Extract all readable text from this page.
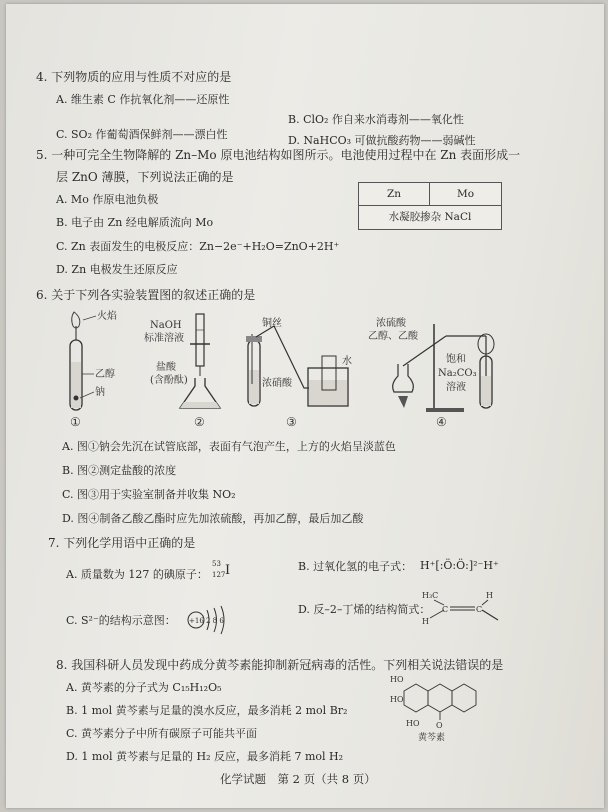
4. 下列物质的应用与性质不对应的是
A. 维生素 C 作抗氧化剂——还原性
B. ClO₂ 作自来水消毒剂——氧化性
C. SO₂ 作葡萄酒保鲜剂——漂白性	D. NaHCO₃ 可做抗酸药物——弱碱性
5. 一种可完全生物降解的 Zn–Mo 原电池结构如图所示。电池使用过程中在 Zn 表面形成一
层 ZnO 薄膜，下列说法正确的是
A. Mo 作原电池负极
B. 电子由 Zn 经电解质流向 Mo
C. Zn 表面发生的电极反应：Zn−2e⁻+H₂O=ZnO+2H⁺
D. Zn 电极发生还原反应
Zn	Mo
水凝胶掺杂 NaCl
6. 关于下列各实验装置图的叙述正确的是
火焰
乙醇
钠
①
NaOH
标准溶液
盐酸
(含酚酞)
②
铜丝
浓硝酸
水
③
浓硫酸
乙醇、乙酸
饱和
Na₂CO₃
溶液
④
A. 图①钠会先沉在试管底部，表面有气泡产生，上方的火焰呈淡蓝色
B. 图②测定盐酸的浓度
C. 图③用于实验室制备并收集 NO₂
D. 图④制备乙酸乙酯时应先加浓硫酸，再加乙醇，最后加乙酸
7. 下列化学用语中正确的是
A. 质量数为 127 的碘原子：
53
127 I	B. 过氧化氢的电子式： H⁺[:Ö:Ö:]²⁻H⁺
C. S²⁻的结构示意图： +16 2 8 6
D. 反–2–丁烯的结构简式：
H₃C	H
H
C	C
8. 我国科研人员发现中药成分黄芩素能抑制新冠病毒的活性。下列相关说法错误的是
A. 黄芩素的分子式为 C₁₅H₁₂O₅
B. 1 mol 黄芩素与足量的溴水反应，最多消耗 2 mol Br₂
C. 黄芩素分子中所有碳原子可能共平面
D. 1 mol 黄芩素与足量的 H₂ 反应，最多消耗 7 mol H₂
O
HO
HO
HO
黄芩素
化学试题　第 2 页（共 8 页）
